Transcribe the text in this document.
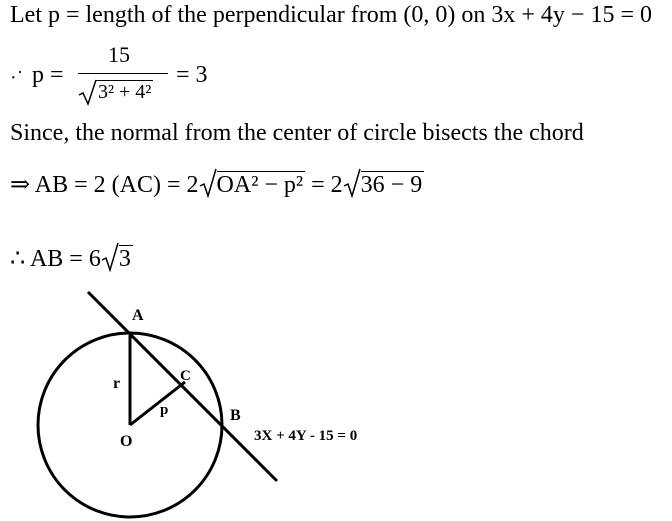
Let p = length of the perpendicular from (0, 0) on 3x + 4y − 15 = 0
·˙ p =
15
3² + 4²
= 3
Since, the normal from the center of circle bisects the chord
⇒ AB = 2 (AC) = 2 OA² − p² = 2 36 − 9
∴ AB = 6 3
A
C
B
r
p
O	3X + 4Y - 15 = 0
